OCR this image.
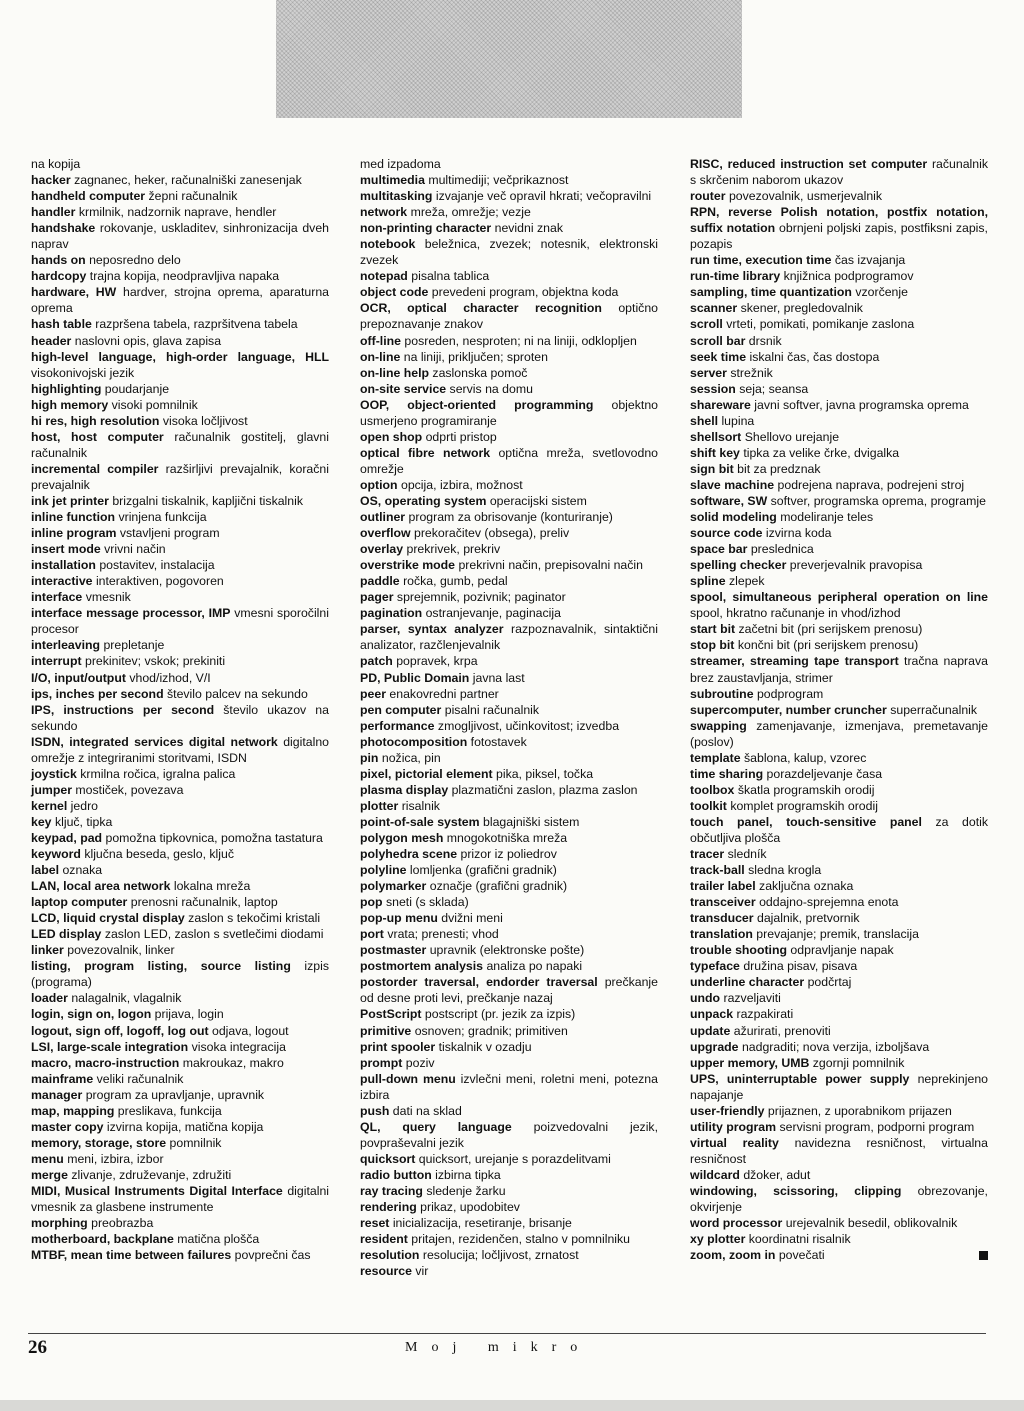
na kopija
hacker zagnanec, heker, računalniški zanesenjak
handheld computer žepni računalnik
handler krmilnik, nadzornik naprave, hendler
handshake rokovanje, uskladitev, sinhronizacija dveh naprav
hands on neposredno delo
hardcopy trajna kopija, neodpravljiva napaka
hardware, HW hardver, strojna oprema, aparaturna oprema
hash table razpršena tabela, razpršitvena tabela
header naslovni opis, glava zapisa
high-level language, high-order language, HLL visokonivojski jezik
highlighting poudarjanje
high memory visoki pomnilnik
hi res, high resolution visoka ločljivost
host, host computer računalnik gostitelj, glavni računalnik
incremental compiler razširljivi prevajalnik, koračni prevajalnik
ink jet printer brizgalni tiskalnik, kapljični tiskalnik
inline function vrinjena funkcija
inline program vstavljeni program
insert mode vrivni način
installation postavitev, instalacija
interactive interaktiven, pogovoren
interface vmesnik
interface message processor, IMP vmesni sporočilni procesor
interleaving prepletanje
interrupt prekinitev; vskok; prekiniti
I/O, input/output vhod/izhod, V/I
ips, inches per second število palcev na sekundo
IPS, instructions per second število ukazov na sekundo
ISDN, integrated services digital network digitalno omrežje z integriranimi storitvami, ISDN
joystick krmilna ročica, igralna palica
jumper mostiček, povezava
kernel jedro
key ključ, tipka
keypad, pad pomožna tipkovnica, pomožna tastatura
keyword ključna beseda, geslo, ključ
label oznaka
LAN, local area network lokalna mreža
laptop computer prenosni računalnik, laptop
LCD, liquid crystal display zaslon s tekočimi kristali
LED display zaslon LED, zaslon s svetlečimi diodami
linker povezovalnik, linker
listing, program listing, source listing izpis (programa)
loader nalagalnik, vlagalnik
login, sign on, logon prijava, login
logout, sign off, logoff, log out odjava, logout
LSI, large-scale integration visoka integracija
macro, macro-instruction makroukaz, makro
mainframe veliki računalnik
manager program za upravljanje, upravnik
map, mapping preslikava, funkcija
master copy izvirna kopija, matična kopija
memory, storage, store pomnilnik
menu meni, izbira, izbor
merge zlivanje, združevanje, združiti
MIDI, Musical Instruments Digital Interface digitalni vmesnik za glasbene instrumente
morphing preobrazba
motherboard, backplane matična plošča
MTBF, mean time between failures povprečni čas
med izpadoma
multimedia multimediji; večprikaznost
multitasking izvajanje več opravil hkrati; večopravilni
network mreža, omrežje; vezje
non-printing character nevidni znak
notebook beležnica, zvezek; notesnik, elektronski zvezek
notepad pisalna tablica
object code prevedeni program, objektna koda
OCR, optical character recognition optično prepoznavanje znakov
off-line posreden, nesproten; ni na liniji, odklopljen
on-line na liniji, priključen; sproten
on-line help zaslonska pomoč
on-site service servis na domu
OOP, object-oriented programming objektno usmerjeno programiranje
open shop odprti pristop
optical fibre network optična mreža, svetlovodno omrežje
option opcija, izbira, možnost
OS, operating system operacijski sistem
outliner program za obrisovanje (konturiranje)
overflow prekoračitev (obsega), preliv
overlay prekrivek, prekriv
overstrike mode prekrivni način, prepisovalni način
paddle ročka, gumb, pedal
pager sprejemnik, pozivnik; paginator
pagination ostranjevanje, paginacija
parser, syntax analyzer razpoznavalnik, sintaktični analizator, razčlenjevalnik
patch popravek, krpa
PD, Public Domain javna last
peer enakovredni partner
pen computer pisalni računalnik
performance zmogljivost, učinkovitost; izvedba
photocomposition fotostavek
pin nožica, pin
pixel, pictorial element pika, piksel, točka
plasma display plazmatični zaslon, plazma zaslon
plotter risalnik
point-of-sale system blagajniški sistem
polygon mesh mnogokotniška mreža
polyhedra scene prizor iz poliedrov
polyline lomljenka (grafični gradnik)
polymarker označje (grafični gradnik)
pop sneti (s sklada)
pop-up menu dvižni meni
port vrata; prenesti; vhod
postmaster upravnik (elektronske pošte)
postmortem analysis analiza po napaki
postorder traversal, endorder traversal prečkanje od desne proti levi, prečkanje nazaj
PostScript postscript (pr. jezik za izpis)
primitive osnoven; gradnik; primitiven
print spooler tiskalnik v ozadju
prompt poziv
pull-down menu izvlečni meni, roletni meni, potezna izbira
push dati na sklad
QL, query language poizvedovalni jezik, povpraševalni jezik
quicksort quicksort, urejanje s porazdelitvami
radio button izbirna tipka
ray tracing sledenje žarku
rendering prikaz, upodobitev
reset inicializacija, resetiranje, brisanje
resident pritajen, rezidenčen, stalno v pomnilniku
resolution resolucija; ločljivost, zrnatost
resource vir
RISC, reduced instruction set computer računalnik s skrčenim naborom ukazov
router povezovalnik, usmerjevalnik
RPN, reverse Polish notation, postfix notation, suffix notation obrnjeni poljski zapis, postfiksni zapis, pozapis
run time, execution time čas izvajanja
run-time library knjižnica podprogramov
sampling, time quantization vzorčenje
scanner skener, pregledovalnik
scroll vrteti, pomikati, pomikanje zaslona
scroll bar drsnik
seek time iskalni čas, čas dostopa
server strežnik
session seja; seansa
shareware javni softver, javna programska oprema
shell lupina
shellsort Shellovo urejanje
shift key tipka za velike črke, dvigalka
sign bit bit za predznak
slave machine podrejena naprava, podrejeni stroj
software, SW softver, programska oprema, programje
solid modeling modeliranje teles
source code izvirna koda
space bar preslednica
spelling checker preverjevalnik pravopisa
spline zlepek
spool, simultaneous peripheral operation on line spool, hkratno računanje in vhod/izhod
start bit začetni bit (pri serijskem prenosu)
stop bit končni bit (pri serijskem prenosu)
streamer, streaming tape transport tračna naprava brez zaustavljanja, strimer
subroutine podprogram
supercomputer, number cruncher superračunalnik
swapping zamenjavanje, izmenjava, premetavanje (poslov)
template šablona, kalup, vzorec
time sharing porazdeljevanje časa
toolbox škatla programskih orodij
toolkit komplet programskih orodij
touch panel, touch-sensitive panel za dotik občutljiva plošča
tracer sledník
track-ball sledna krogla
trailer label zaključna oznaka
transceiver oddajno-sprejemna enota
transducer dajalnik, pretvornik
translation prevajanje; premik, translacija
trouble shooting odpravljanje napak
typeface družina pisav, pisava
underline character podčrtaj
undo razveljaviti
unpack razpakirati
update ažurirati, prenoviti
upgrade nadgraditi; nova verzija, izboljšava
upper memory, UMB zgornji pomnilnik
UPS, uninterruptable power supply neprekinjeno napajanje
user-friendly prijaznen, z uporabnikom prijazen
utility program servisni program, podporni program
virtual reality navidezna resničnost, virtualna resničnost
wildcard džoker, adut
windowing, scissoring, clipping obrezovanje, okvirjenje
word processor urejevalnik besedil, oblikovalnik
xy plotter koordinatni risalnik
zoom, zoom in povečati
26	Moj mikro
